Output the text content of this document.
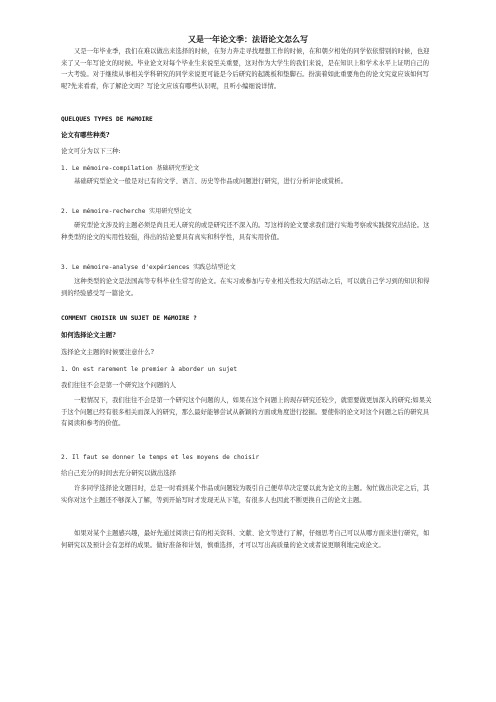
又是一年论文季：法语论文怎么写
又是一年毕业季，我们在难以做出来选择的时候，在努力奔走寻找理想工作的时候，在和朝夕相处的同学依依惜别的时候，也迎来了又一年写论文的时候。毕业论文对每个毕业生来说至关重要，这对作为大学生的我们来说，是在知识上和学术水平上证明自己的一大考验。对于继续从事相关学科研究的同学来说更可能是今后研究的起跳板和垫脚石。扮演着如此重要角色的论文究竟应该如何写呢?先来看看，你了解论文吗？写论文应该有哪些认识呢，且听小编细说详情。
QUELQUES TYPES DE MéMOIRE
论文有哪些种类?
论文可分为以下三种:
1. Le mémoire-compilation 基础研究型论文
基础研究型论文一般是对已有的文学、语言、历史等作品或问题进行研究，进行分析评论或赏析。
2. Le mémoire-recherche 实用研究型论文
研究型论文涉及的主题必须是尚且无人研究的或是研究还不深入的。写这样的论文要求我们进行实地考察或实践探究出结论。这种类型的论文的实用性较强，得出的结论要具有真实和科学性，具有实用价值。
3. Le mémoire-analyse d'expériences 实践总结型论文
这种类型的论文是法国高等专科毕业生常写的论文。在实习或参加与专业相关性较大的活动之后，可以就自己学习到的知识和得到的经验感受写一篇论文。
COMMENT CHOISIR UN SUJET DE MéMOIRE ?
如何选择论文主题?
选择论文主题的时候要注意什么?
1. On est rarement le premier à aborder un sujet
我们往往不会是第一个研究这个问题的人
一般情况下，我们往往不会是第一个研究这个问题的人，如果在这个问题上的现存研究还较少，就需要做更加深入的研究;如果关于这个问题已经有很多相关而深入的研究，那么最好能够尝试从新颖的方面或角度进行挖掘。要使你的论文对这个问题之后的研究具有阅读和参考的价值。
2. Il faut se donner le temps et les moyens de choisir
给自己充分的时间去充分研究以做出选择
许多同学选择论文题目时，总是一时看到某个作品或问题较为吸引自己便草草决定要以此为论文的主题。匆忙做出决定之后，其实你对这个主题还不够深入了解，等到开始写时才发现无从下笔，有很多人也因此不断更换自己的论文主题。
如果对某个主题感兴趣，最好先通过阅读已有的相关资料、文献、论文等进行了解，仔细思考自己可以从哪方面来进行研究，如何研究以及预计会有怎样的成果。做好准备和计划，慎重选择，才可以写出高质量的论文或者说更顺利地完成论文。
